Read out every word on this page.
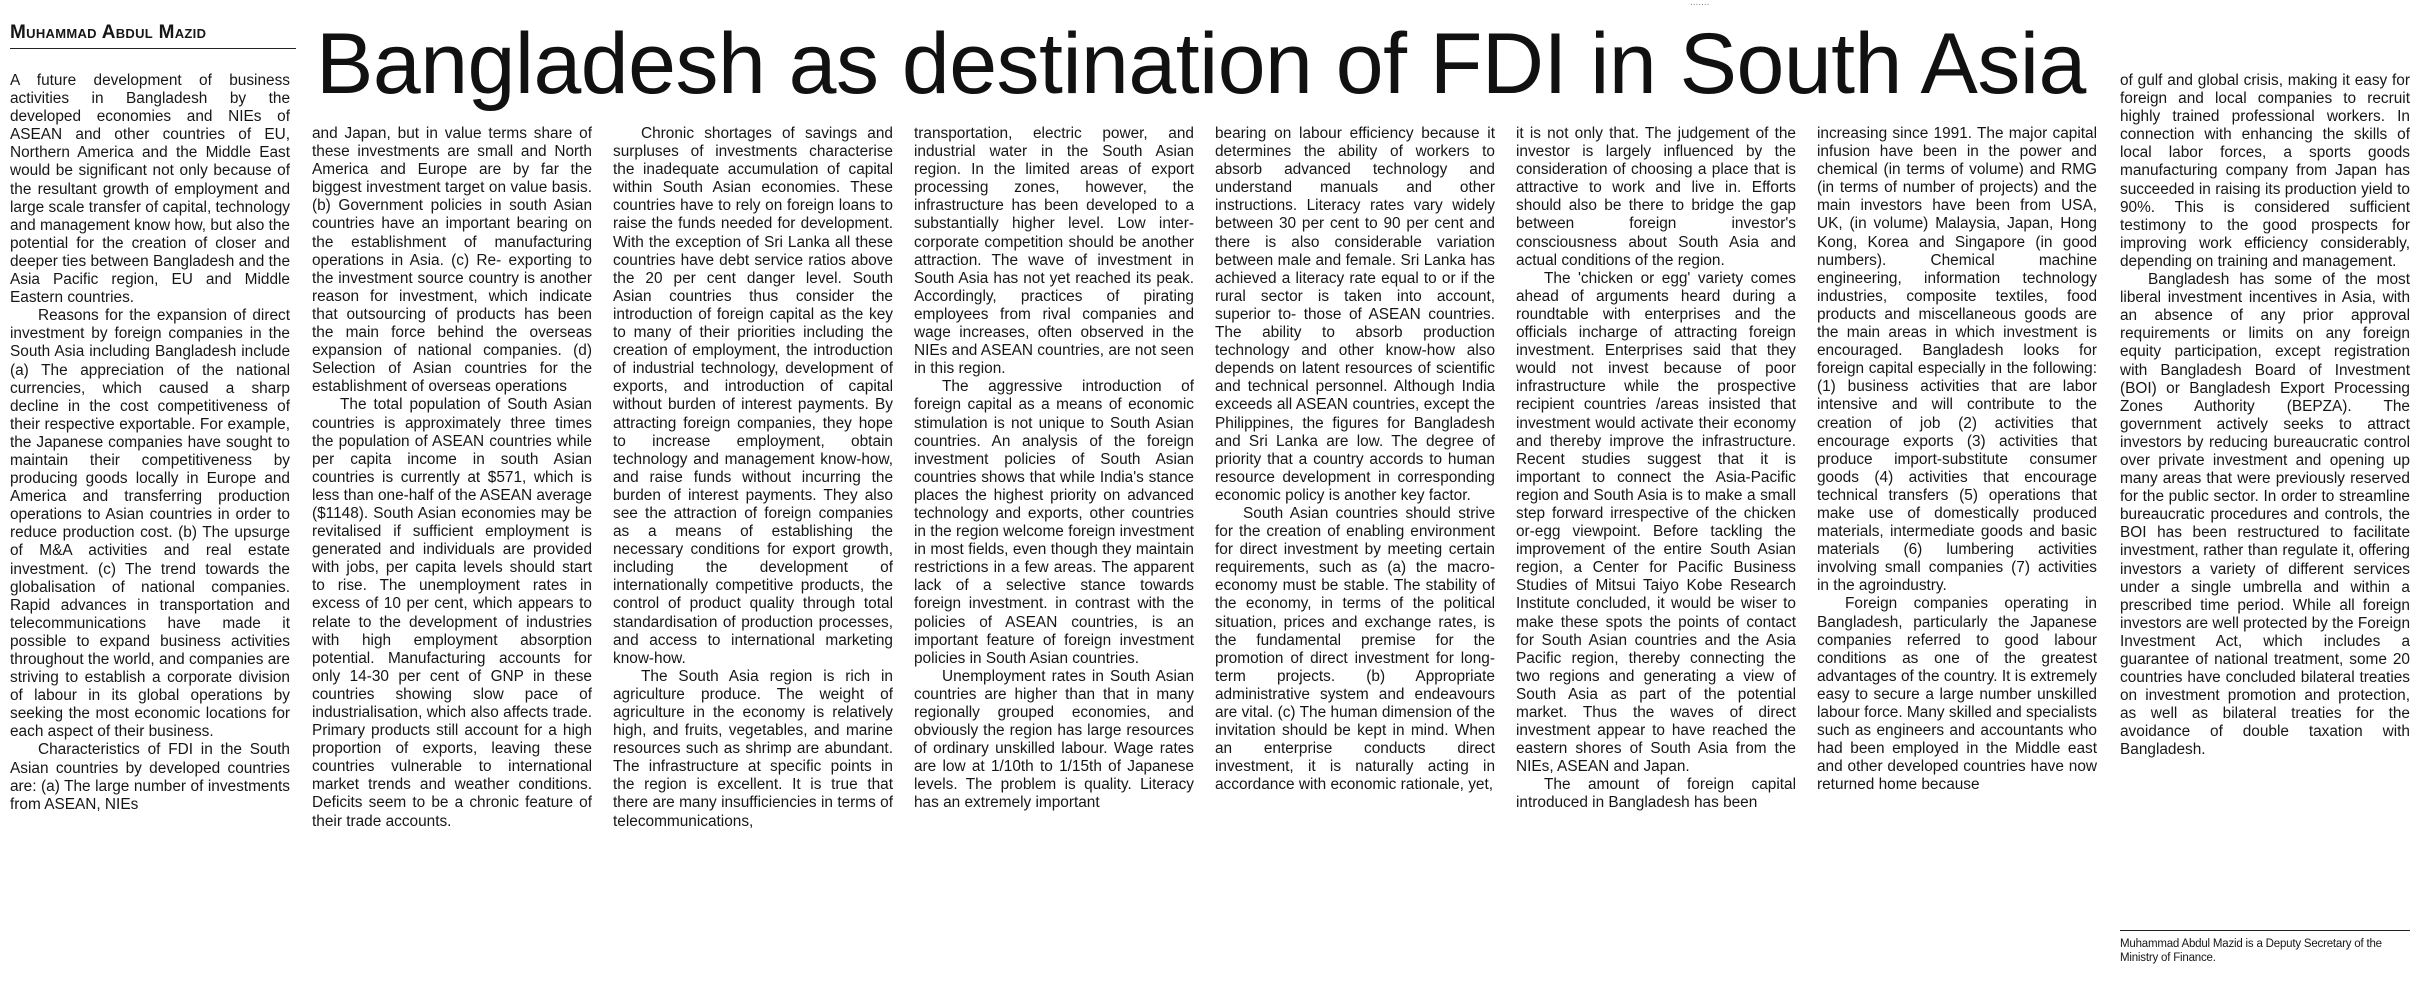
.......
Muhammad Abdul Mazid	Bangladesh as destination of FDI in South Asia

A future development of business activities in Bangladesh by the developed economies and NIEs of ASEAN and other countries of EU, Northern America and the Middle East would be significant not only because of the resultant growth of employment and large scale transfer of capital, technology and management know how, but also the potential for the creation of closer and deeper ties between Bangladesh and the Asia Pacific region, EU and Middle Eastern countries.

Reasons for the expansion of direct investment by foreign companies in the South Asia including Bangladesh include (a) The appreciation of the national currencies, which caused a sharp decline in the cost competitiveness of their respective exportable. For example, the Japanese companies have sought to maintain their competitiveness by producing goods locally in Europe and America and transferring production operations to Asian countries in order to reduce production cost. (b) The upsurge of M&A activities and real estate investment. (c) The trend towards the globalisation of national companies. Rapid advances in transportation and telecommunications have made it possible to expand business activities throughout the world, and companies are striving to establish a corporate division of labour in its global operations by seeking the most economic locations for each aspect of their business.

Characteristics of FDI in the South Asian countries by developed countries are: (a) The large number of investments from ASEAN, NIEs

and Japan, but in value terms share of these investments are small and North America and Europe are by far the biggest investment target on value basis. (b) Government policies in south Asian countries have an important bearing on the establishment of manufacturing operations in Asia. (c) Re- exporting to the investment source country is another reason for investment, which indicate that outsourcing of products has been the main force behind the overseas expansion of national companies. (d) Selection of Asian countries for the establishment of overseas operations

The total population of South Asian countries is approximately three times the population of ASEAN countries while per capita income in south Asian countries is currently at $571, which is less than one-half of the ASEAN average ($1148). South Asian economies may be revitalised if sufficient employment is generated and individuals are provided with jobs, per capita levels should start to rise. The unemployment rates in excess of 10 per cent, which appears to relate to the development of industries with high employment absorption potential. Manufacturing accounts for only 14-30 per cent of GNP in these countries showing slow pace of industrialisation, which also affects trade. Primary products still account for a high proportion of exports, leaving these countries vulnerable to international market trends and weather conditions. Deficits seem to be a chronic feature of their trade accounts.

Chronic shortages of savings and surpluses of investments characterise the inadequate accumulation of capital within South Asian economies. These countries have to rely on foreign loans to raise the funds needed for development. With the exception of Sri Lanka all these countries have debt service ratios above the 20 per cent danger level. South Asian countries thus consider the introduction of foreign capital as the key to many of their priorities including the creation of employment, the introduction of industrial technology, development of exports, and introduction of capital without burden of interest payments. By attracting foreign companies, they hope to increase employment, obtain technology and management know-how, and raise funds without incurring the burden of interest payments. They also see the attraction of foreign companies as a means of establishing the necessary conditions for export growth, including the development of internationally competitive products, the control of product quality through total standardisation of production processes, and access to international marketing know-how.

The South Asia region is rich in agriculture produce. The weight of agriculture in the economy is relatively high, and fruits, vegetables, and marine resources such as shrimp are abundant. The infrastructure at specific points in the region is excellent. It is true that there are many insufficiencies in terms of telecommunications,

transportation, electric power, and industrial water in the South Asian region. In the limited areas of export processing zones, however, the infrastructure has been developed to a substantially higher level. Low inter-corporate competition should be another attraction. The wave of investment in South Asia has not yet reached its peak. Accordingly, practices of pirating employees from rival companies and wage increases, often observed in the NIEs and ASEAN countries, are not seen in this region.

The aggressive introduction of foreign capital as a means of economic stimulation is not unique to South Asian countries. An analysis of the foreign investment policies of South Asian countries shows that while India's stance places the highest priority on advanced technology and exports, other countries in the region welcome foreign investment in most fields, even though they maintain restrictions in a few areas. The apparent lack of a selective stance towards foreign investment. in contrast with the policies of ASEAN countries, is an important feature of foreign investment policies in South Asian countries.

Unemployment rates in South Asian countries are higher than that in many regionally grouped economies, and obviously the region has large resources of ordinary unskilled labour. Wage rates are low at 1/10th to 1/15th of Japanese levels. The problem is quality. Literacy has an extremely important

bearing on labour efficiency because it determines the ability of workers to absorb advanced technology and understand manuals and other instructions. Literacy rates vary widely between 30 per cent to 90 per cent and there is also considerable variation between male and female. Sri Lanka has achieved a literacy rate equal to or if the rural sector is taken into account, superior to- those of ASEAN countries. The ability to absorb production technology and other know-how also depends on latent resources of scientific and technical personnel. Although India exceeds all ASEAN countries, except the Philippines, the figures for Bangladesh and Sri Lanka are low. The degree of priority that a country accords to human resource development in corresponding economic policy is another key factor.

South Asian countries should strive for the creation of enabling environment for direct investment by meeting certain requirements, such as (a) the macro-economy must be stable. The stability of the economy, in terms of the political situation, prices and exchange rates, is the fundamental premise for the promotion of direct investment for long-term projects. (b) Appropriate administrative system and endeavours are vital. (c) The human dimension of the invitation should be kept in mind. When an enterprise conducts direct investment, it is naturally acting in accordance with economic rationale, yet,

it is not only that. The judgement of the investor is largely influenced by the consideration of choosing a place that is attractive to work and live in. Efforts should also be there to bridge the gap between foreign investor's consciousness about South Asia and actual conditions of the region.

The 'chicken or egg' variety comes ahead of arguments heard during a roundtable with enterprises and the officials incharge of attracting foreign investment. Enterprises said that they would not invest because of poor infrastructure while the prospective recipient countries /areas insisted that investment would activate their economy and thereby improve the infrastructure. Recent studies suggest that it is important to connect the Asia-Pacific region and South Asia is to make a small step forward irrespective of the chicken or-egg viewpoint. Before tackling the improvement of the entire South Asian region, a Center for Pacific Business Studies of Mitsui Taiyo Kobe Research Institute concluded, it would be wiser to make these spots the points of contact for South Asian countries and the Asia Pacific region, thereby connecting the two regions and generating a view of South Asia as part of the potential market. Thus the waves of direct investment appear to have reached the eastern shores of South Asia from the NIEs, ASEAN and Japan.

The amount of foreign capital introduced in Bangladesh has been

increasing since 1991. The major capital infusion have been in the power and chemical (in terms of volume) and RMG (in terms of number of projects) and the main investors have been from USA, UK, (in volume) Malaysia, Japan, Hong Kong, Korea and Singapore (in good numbers). Chemical machine engineering, information technology industries, composite textiles, food products and miscellaneous goods are the main areas in which investment is encouraged. Bangladesh looks for foreign capital especially in the following: (1) business activities that are labor intensive and will contribute to the creation of job (2) activities that encourage exports (3) activities that produce import-substitute consumer goods (4) activities that encourage technical transfers (5) operations that make use of domestically produced materials, intermediate goods and basic materials (6) lumbering activities involving small companies (7) activities in the agroindustry.

Foreign companies operating in Bangladesh, particularly the Japanese companies referred to good labour conditions as one of the greatest advantages of the country. It is extremely easy to secure a large number unskilled labour force. Many skilled and specialists such as engineers and accountants who had been employed in the Middle east and other developed countries have now returned home because

of gulf and global crisis, making it easy for foreign and local companies to recruit highly trained professional workers. In connection with enhancing the skills of local labor forces, a sports goods manufacturing company from Japan has succeeded in raising its production yield to 90%. This is considered sufficient testimony to the good prospects for improving work efficiency considerably, depending on training and management.

Bangladesh has some of the most liberal investment incentives in Asia, with an absence of any prior approval requirements or limits on any foreign equity participation, except registration with Bangladesh Board of Investment (BOI) or Bangladesh Export Processing Zones Authority (BEPZA). The government actively seeks to attract investors by reducing bureaucratic control over private investment and opening up many areas that were previously reserved for the public sector. In order to streamline bureaucratic procedures and controls, the BOI has been restructured to facilitate investment, rather than regulate it, offering investors a variety of different services under a single umbrella and within a prescribed time period. While all foreign investors are well protected by the Foreign Investment Act, which includes a guarantee of national treatment, some 20 countries have concluded bilateral treaties on investment promotion and protection, as well as bilateral treaties for the avoidance of double taxation with Bangladesh.

Muhammad Abdul Mazid is a Deputy Secretary of the Ministry of Finance.
